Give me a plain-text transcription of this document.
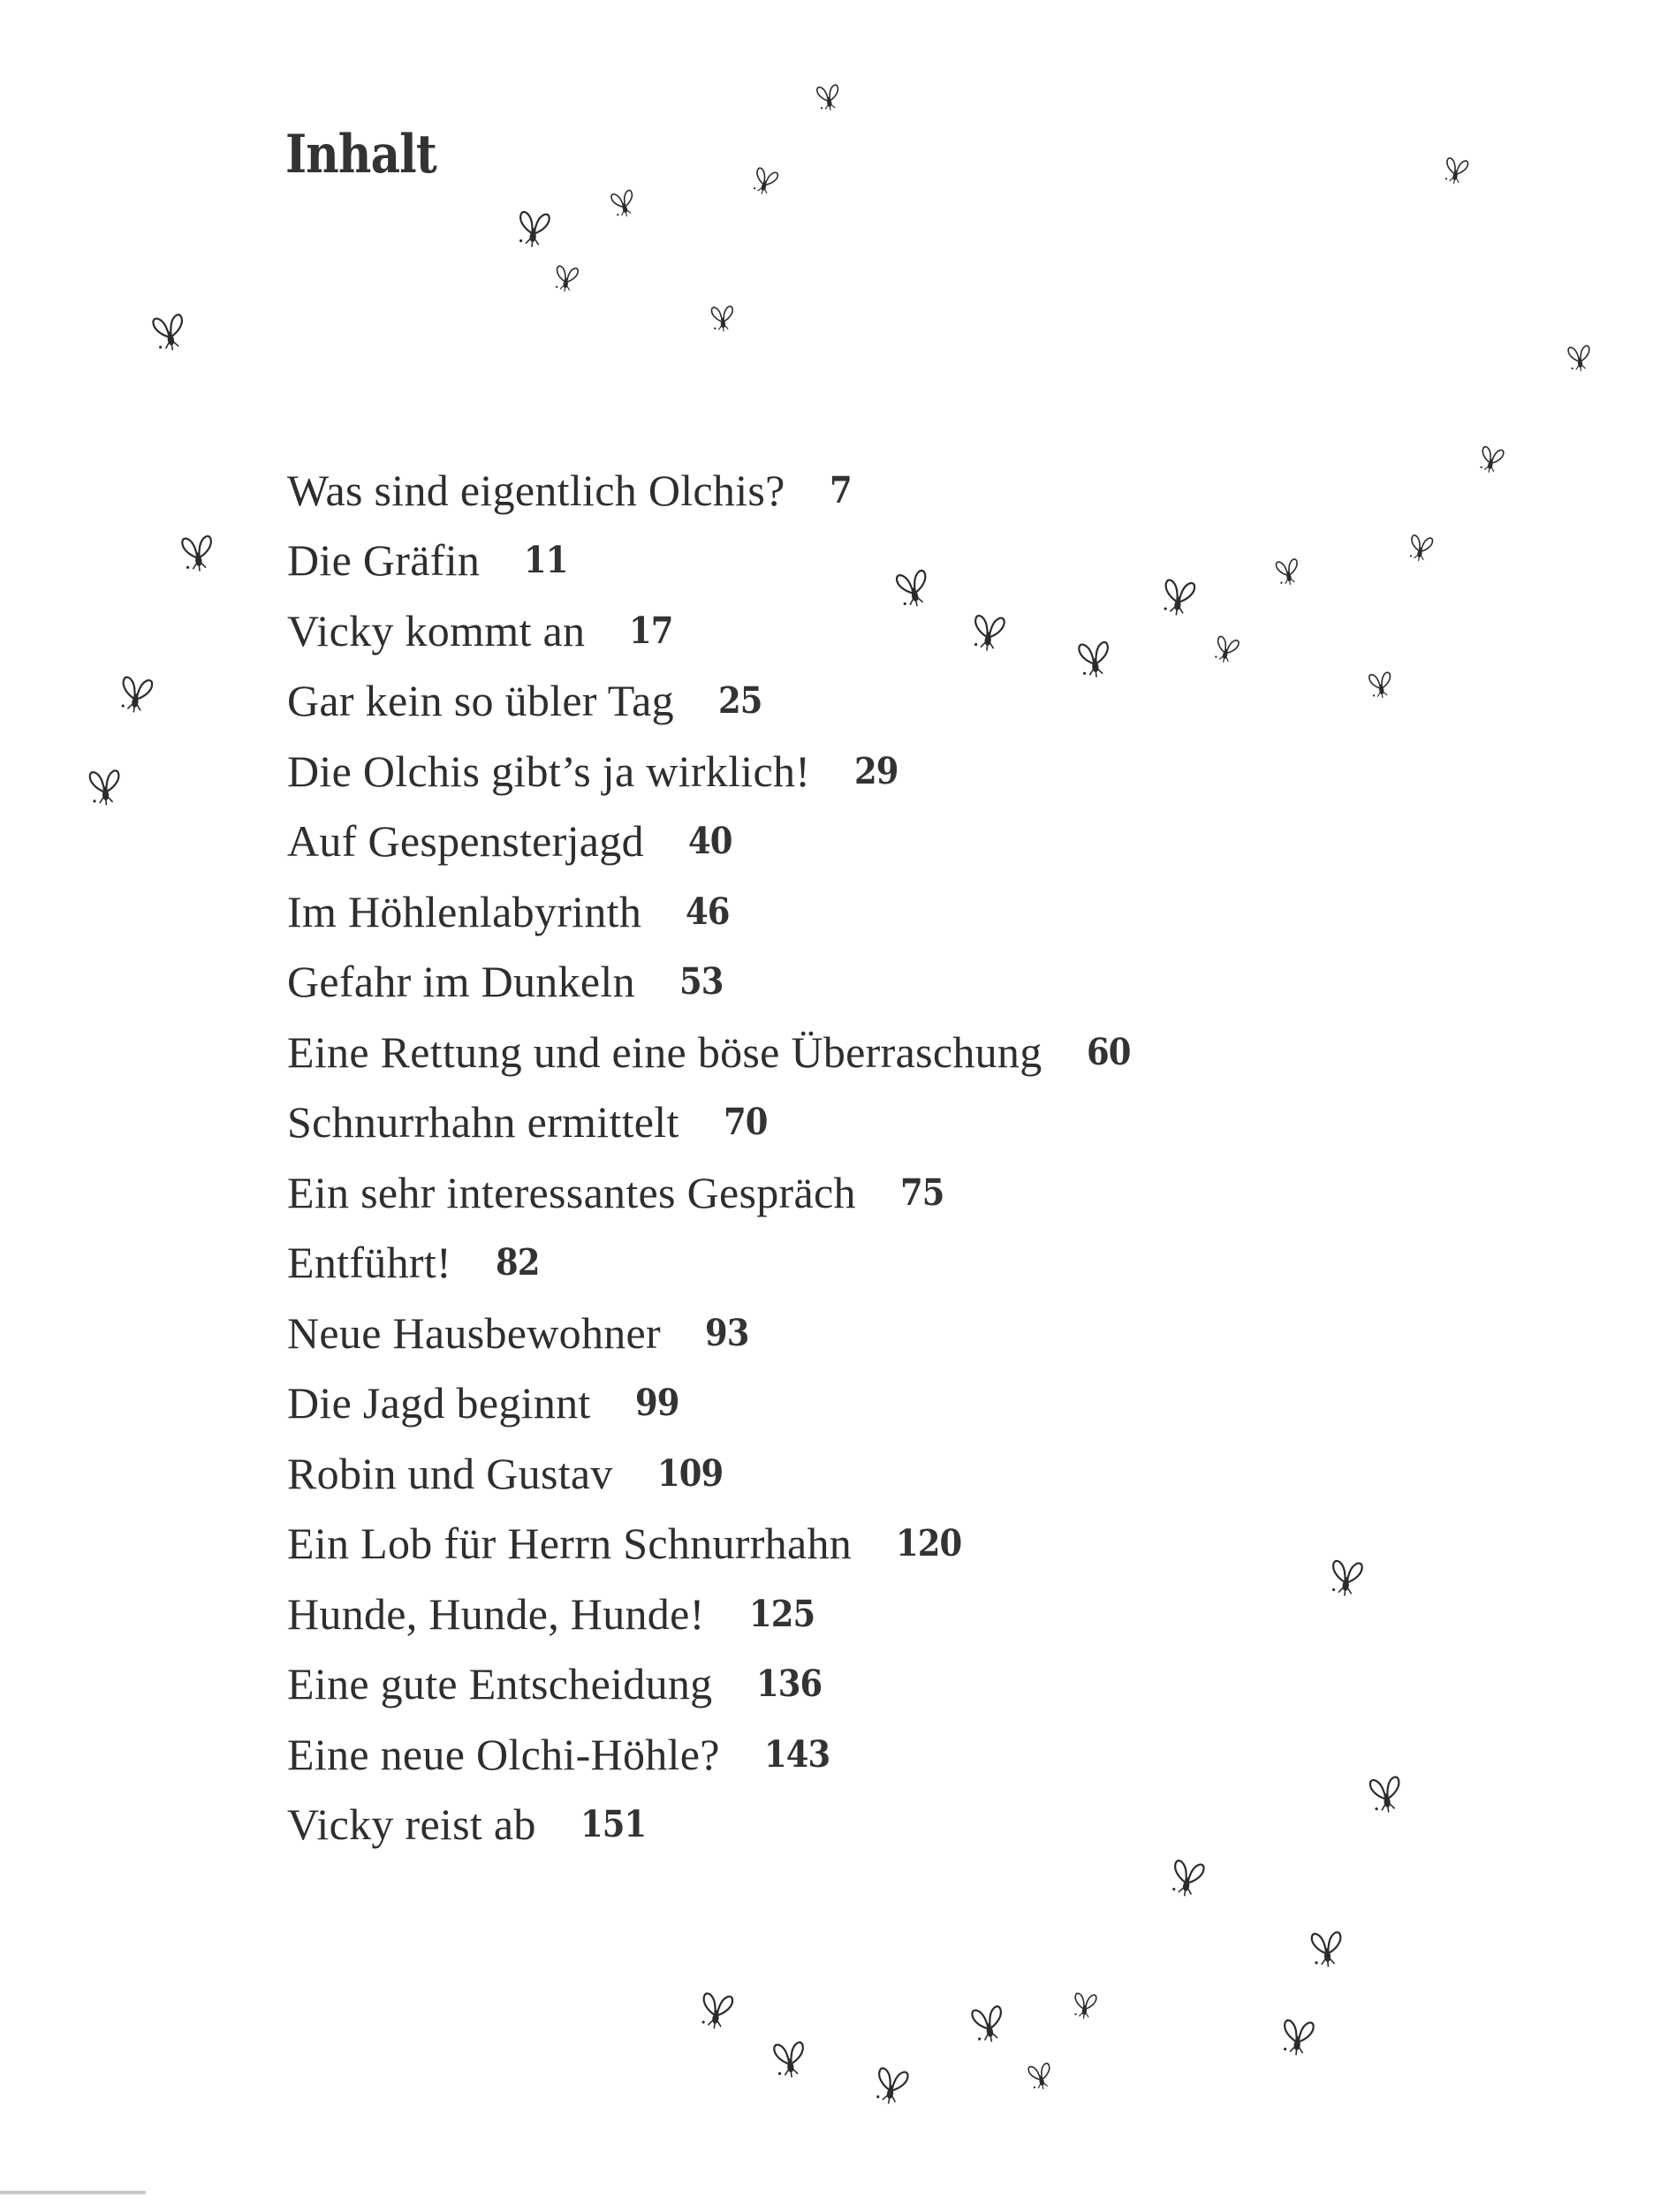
Inhalt
Was sind eigentlich Olchis? 7
Die Gräfin 11
Vicky kommt an 17
Gar kein so übler Tag 25
Die Olchis gibt’s ja wirklich! 29
Auf Gespensterjagd 40
Im Höhlenlabyrinth 46
Gefahr im Dunkeln 53
Eine Rettung und eine böse Überraschung 60
Schnurrhahn ermittelt 70
Ein sehr interessantes Gespräch 75
Entführt! 82
Neue Hausbewohner 93
Die Jagd beginnt 99
Robin und Gustav 109
Ein Lob für Herrn Schnurrhahn 120
Hunde, Hunde, Hunde! 125
Eine gute Entscheidung 136
Eine neue Olchi-Höhle? 143
Vicky reist ab 151
